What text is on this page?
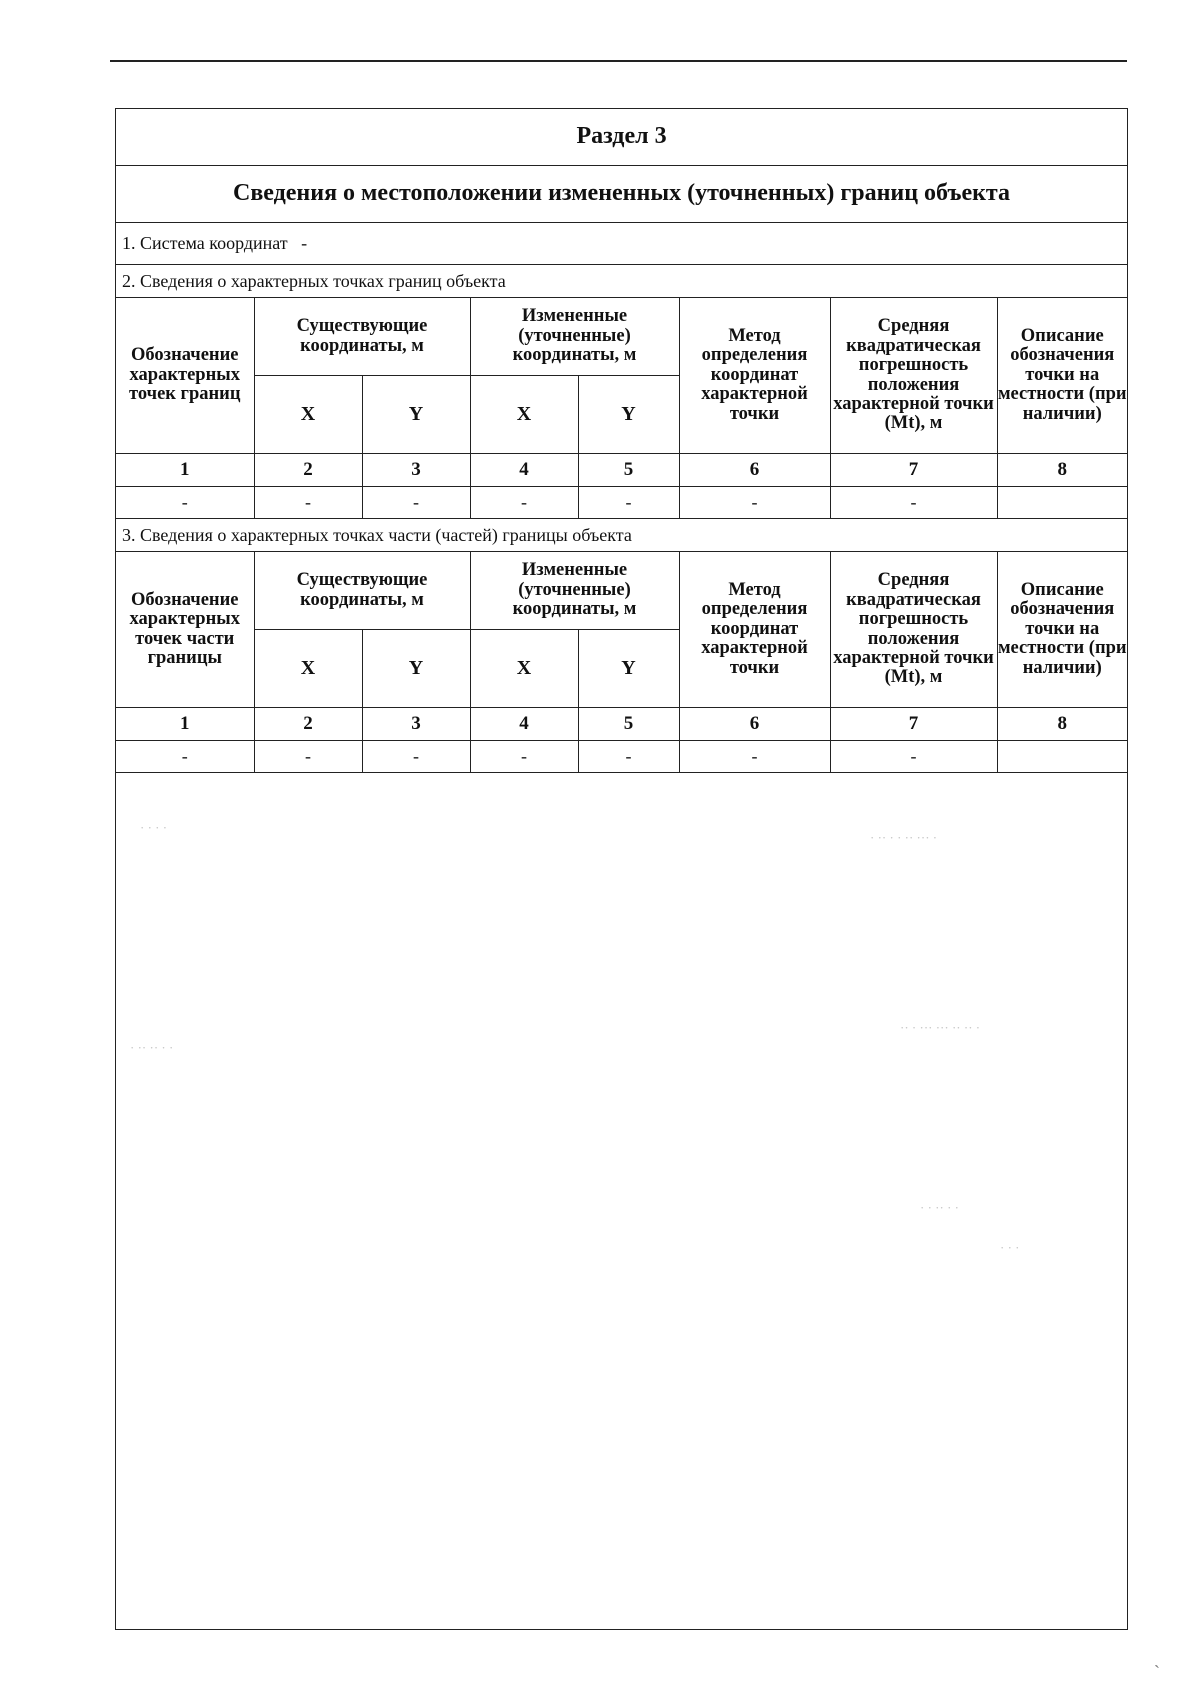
Раздел 3							
Сведения о местоположении измененных (уточненных) границ объекта							
1. Система координат -							
2. Сведения о характерных точках границ объекта							
Обозначение характерных точек границ	Существующие координаты, м		Измененные (уточненные) координаты, м		Метод определения координат характерной точки	Средняя квадратическая погрешность положения характерной точки (Mt), м	Описание обозначения точки на местности (при наличии)
	X	Y	X	Y			
1	2	3	4	5	6	7	8
-	-	-	-	-	-	-	
3. Сведения о характерных точках части (частей) границы объекта							
Обозначение характерных точек части границы	Существующие координаты, м		Измененные (уточненные) координаты, м		Метод определения координат характерной точки	Средняя квадратическая погрешность положения характерной точки (Mt), м	Описание обозначения точки на местности (при наличии)
	X	Y	X	Y			
1	2	3	4	5	6	7	8
-	-	-	-	-	-	-	
· · · ·
· ·· · · ·· ··· ·
·· · ··· ··· ·· ·· ·
· ·· ·· · ·
· · ·· · ·
· · ·
ˎ
